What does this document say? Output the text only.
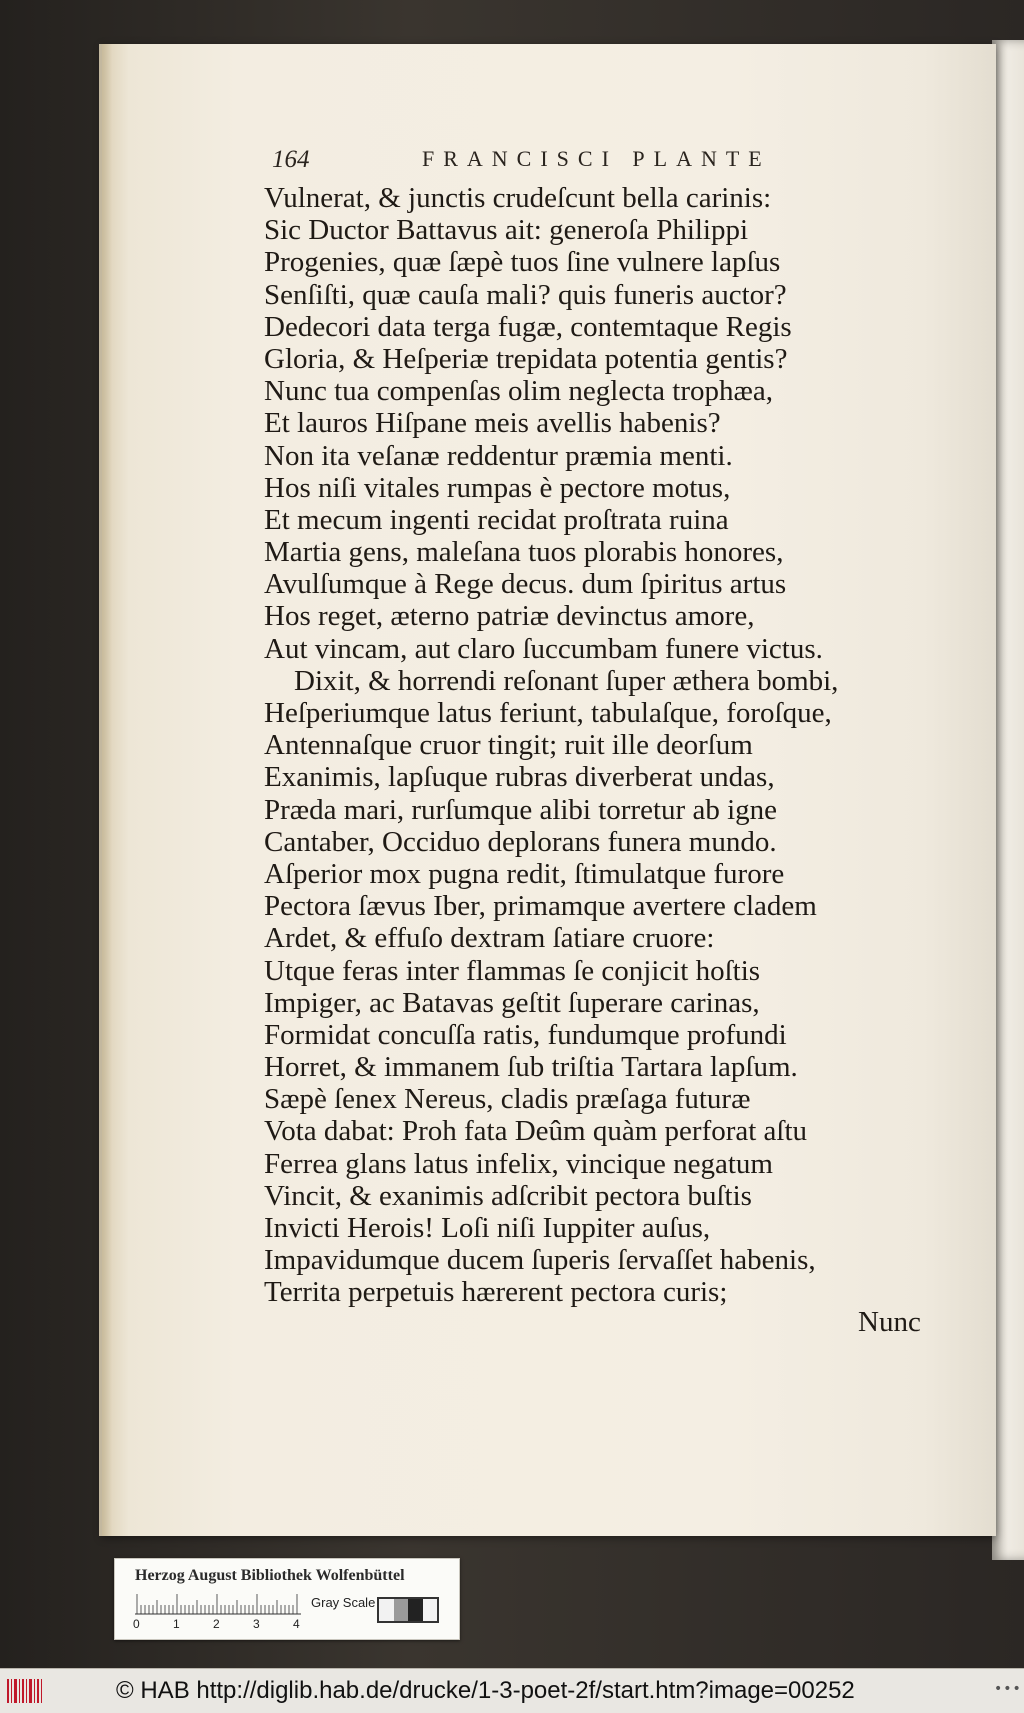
164	FRANCISCI PLANTE
Vulnerat, & junctis crudeſcunt bella carinis:
Sic Ductor Battavus ait: generoſa Philippi
Progenies, quæ ſæpè tuos ſine vulnere lapſus
Senſiſti, quæ cauſa mali? quis funeris auctor?
Dedecori data terga fugæ, contemtaque Regis
Gloria, & Heſperiæ trepidata potentia gentis?
Nunc tua compenſas olim neglecta trophæa,
Et lauros Hiſpane meis avellis habenis?
Non ita veſanæ reddentur præmia menti.
Hos niſi vitales rumpas è pectore motus,
Et mecum ingenti recidat proſtrata ruina
Martia gens, maleſana tuos plorabis honores,
Avulſumque à Rege decus. dum ſpiritus artus
Hos reget, æterno patriæ devinctus amore,
Aut vincam, aut claro ſuccumbam funere victus.
Dixit, & horrendi reſonant ſuper æthera bombi,
Heſperiumque latus feriunt, tabulaſque, foroſque,
Antennaſque cruor tingit; ruit ille deorſum
Exanimis, lapſuque rubras diverberat undas,
Præda mari, rurſumque alibi torretur ab igne
Cantaber, Occiduo deplorans funera mundo.
Aſperior mox pugna redit, ſtimulatque furore
Pectora ſævus Iber, primamque avertere cladem
Ardet, & effuſo dextram ſatiare cruore:
Utque feras inter flammas ſe conjicit hoſtis
Impiger, ac Batavas geſtit ſuperare carinas,
Formidat concuſſa ratis, fundumque profundi
Horret, & immanem ſub triſtia Tartara lapſum.
Sæpè ſenex Nereus, cladis præſaga futuræ
Vota dabat: Proh fata Deûm quàm perforat aſtu
Ferrea glans latus infelix, vincique negatum
Vincit, & exanimis adſcribit pectora buſtis
Invicti Herois! Loſi niſi Iuppiter auſus,
Impavidumque ducem ſuperis ſervaſſet habenis,
Territa perpetuis hærerent pectora curis;
Nunc
Herzog August Bibliothek Wolfenbüttel
0	1	2	3	4
Gray Scale
© HAB http://diglib.hab.de/drucke/1-3-poet-2f/start.htm?image=00252	•••
